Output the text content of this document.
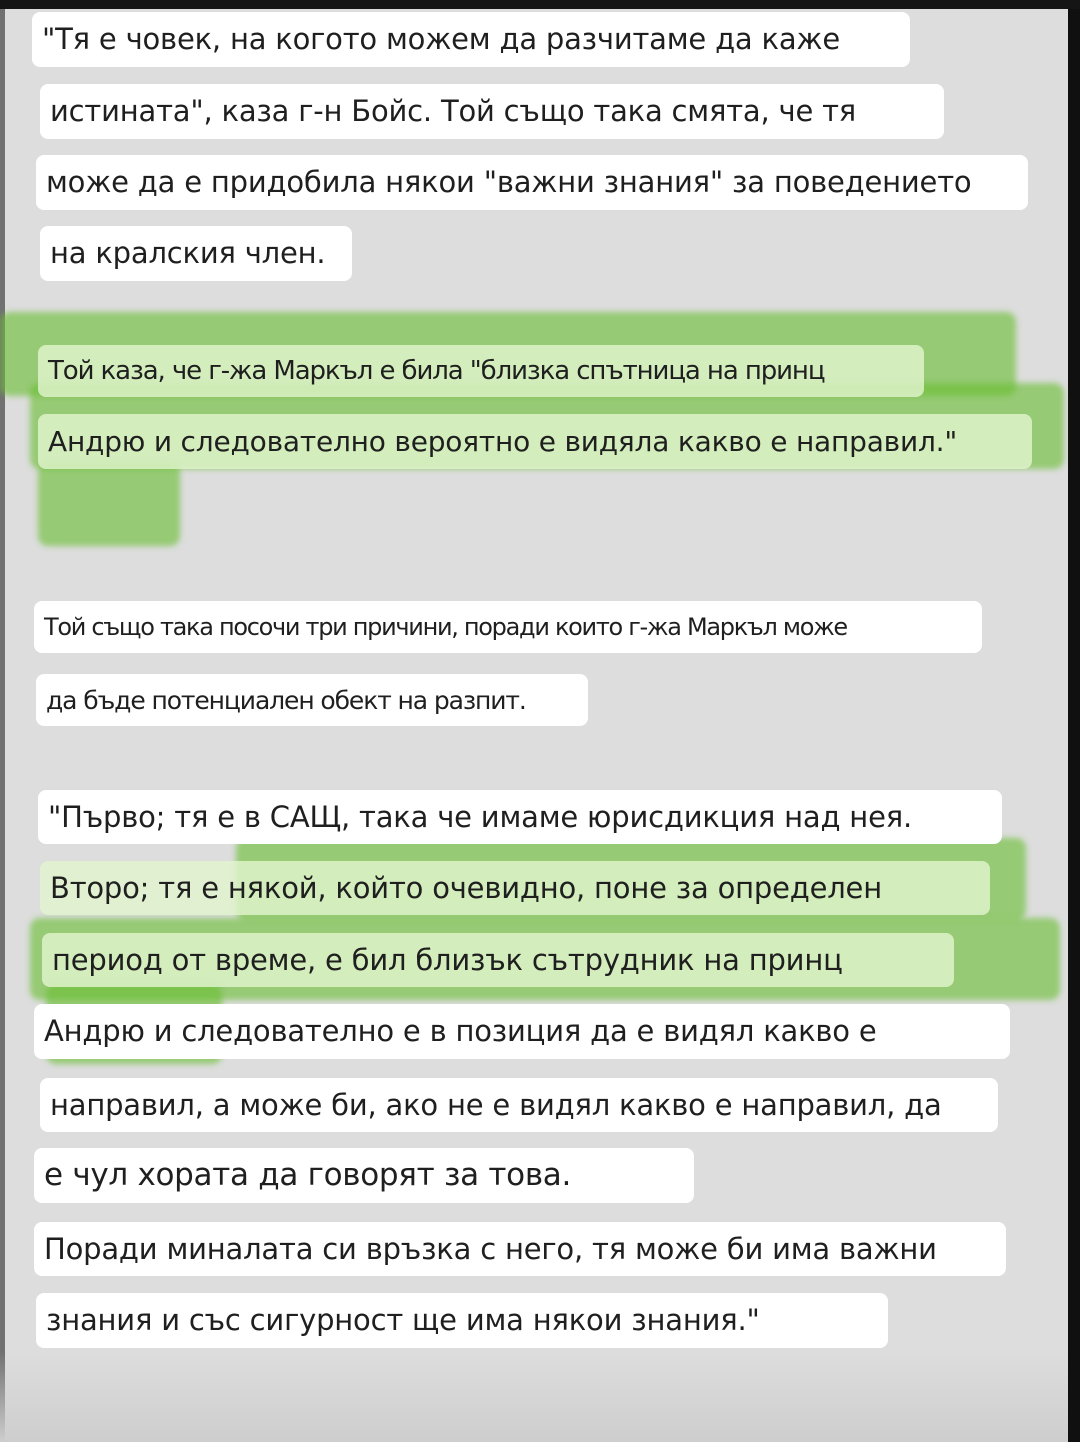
"Тя е човек, на когото можем да разчитаме да каже
истината", каза г-н Бойс. Той също така смята, че тя
може да е придобила някои "важни знания" за поведението
на кралския член.
Той каза, че г-жа Маркъл е била "близка спътница на принц
Андрю и следователно вероятно е видяла какво е направил."
Той също така посочи три причини, поради които г-жа Маркъл може
да бъде потенциален обект на разпит.
"Първо; тя е в САЩ, така че имаме юрисдикция над нея.
Второ; тя е някой, който очевидно, поне за определен
период от време, е бил близък сътрудник на принц
Андрю и следователно е в позиция да е видял какво е
направил, а може би, ако не е видял какво е направил, да
е чул хората да говорят за това.
Поради миналата си връзка с него, тя може би има важни
знания и със сигурност ще има някои знания."
